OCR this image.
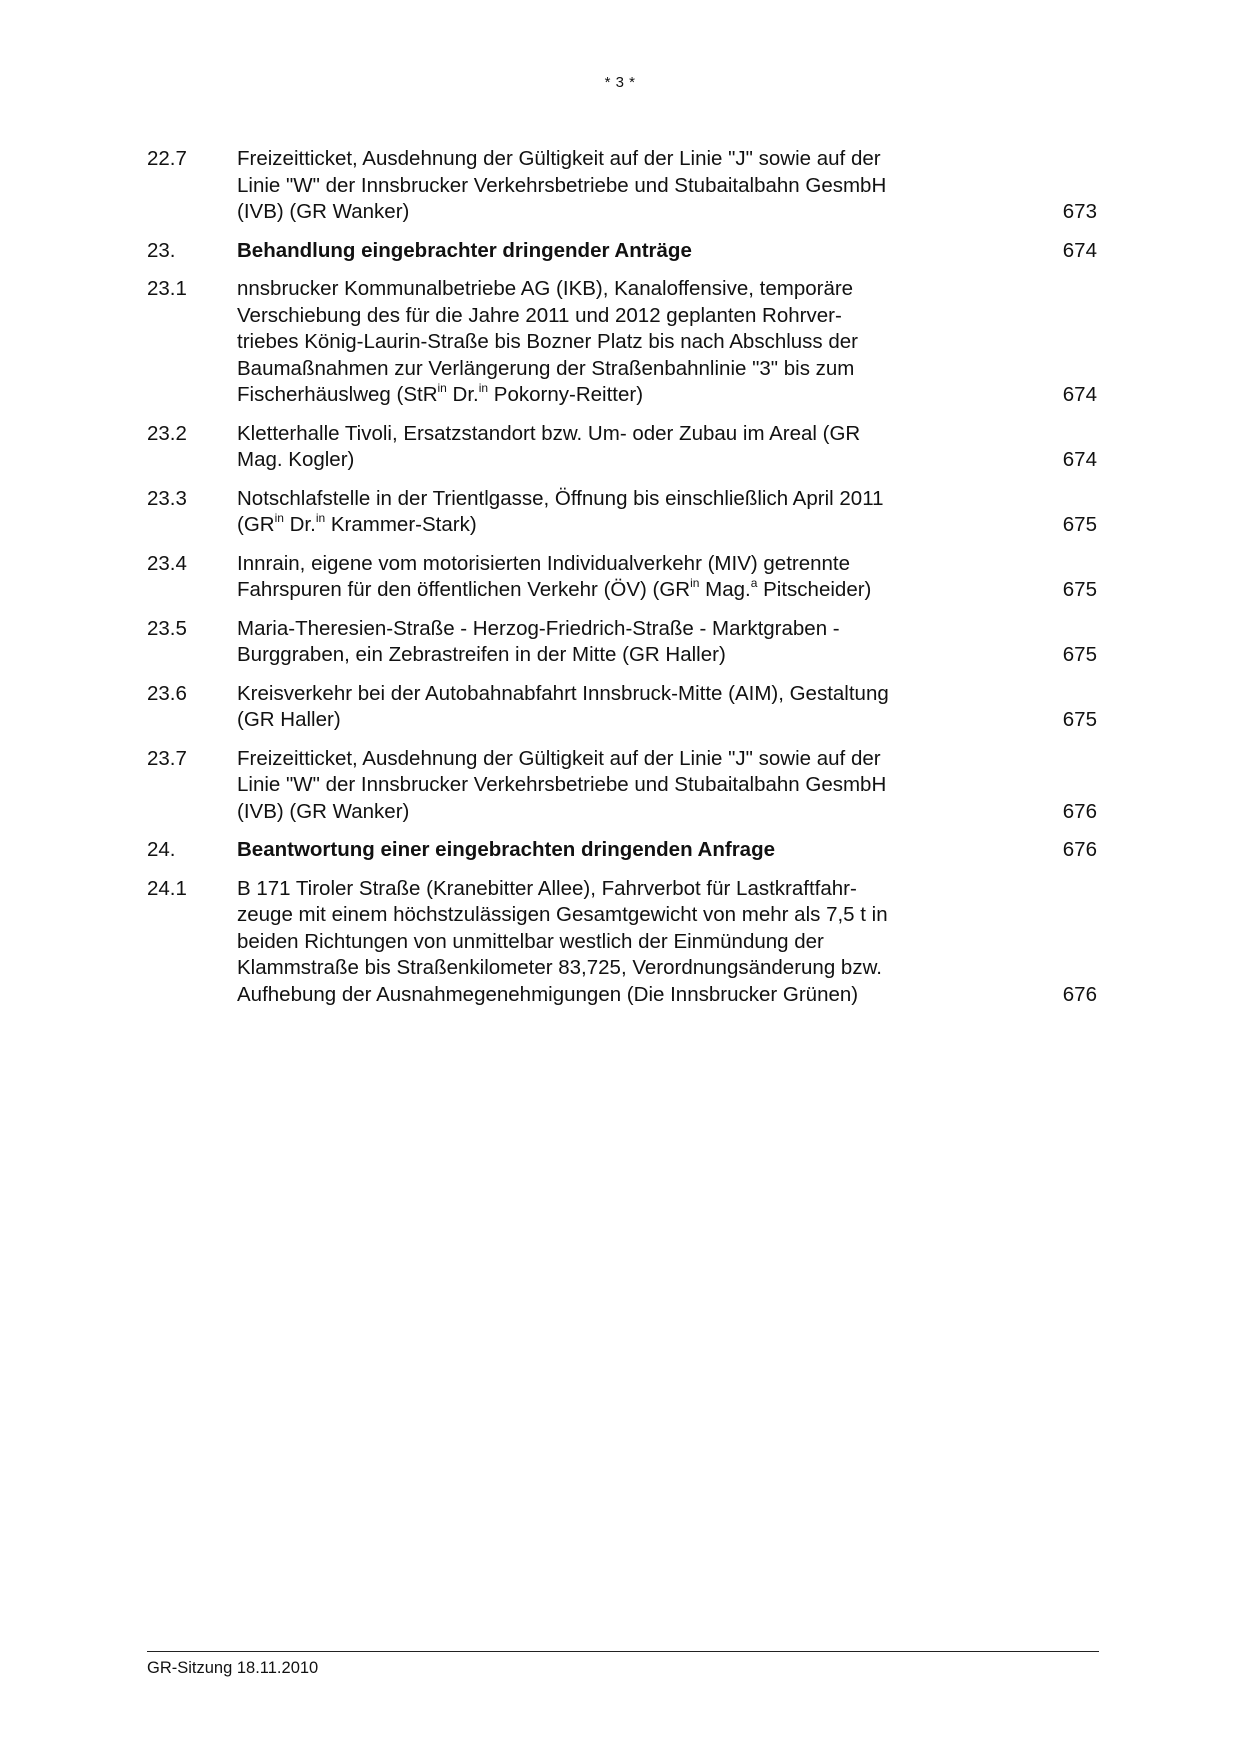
* 3 *
22.7	Freizeitticket, Ausdehnung der Gültigkeit auf der Linie "J" sowie auf der
Linie "W" der Innsbrucker Verkehrsbetriebe und Stubaitalbahn GesmbH
(IVB) (GR Wanker)	673
23.	Behandlung eingebrachter dringender Anträge	674
23.1	nnsbrucker Kommunalbetriebe AG (IKB), Kanaloffensive, temporäre
Verschiebung des für die Jahre 2011 und 2012 geplanten Rohrver-
triebes König-Laurin-Straße bis Bozner Platz bis nach Abschluss der
Baumaßnahmen zur Verlängerung der Straßenbahnlinie "3" bis zum
Fischerhäuslweg (StR$^{in}$ Dr.$^{in}$ Pokorny-Reitter)	674
23.2	Kletterhalle Tivoli, Ersatzstandort bzw. Um- oder Zubau im Areal (GR
Mag. Kogler)	674
23.3	Notschlafstelle in der Trientlgasse, Öffnung bis einschließlich April 2011
($GR^{in}$ Dr.$^{in}$ Krammer-Stark)	675
23.4	Innrain, eigene vom motorisierten Individualverkehr (MIV) getrennte
Fahrspuren für den öffentlichen Verkehr (ÖV) ($GR^{in}$ Mag.$^a$ Pitscheider)	675
23.5	Maria-Theresien-Straße - Herzog-Friedrich-Straße - Marktgraben -
Burggraben, ein Zebrastreifen in der Mitte (GR Haller)	675
23.6	Kreisverkehr bei der Autobahnabfahrt Innsbruck-Mitte (AIM), Gestaltung
(GR Haller)	675
23.7	Freizeitticket, Ausdehnung der Gültigkeit auf der Linie "J" sowie auf der
Linie "W" der Innsbrucker Verkehrsbetriebe und Stubaitalbahn GesmbH
(IVB) (GR Wanker)	676
24.	Beantwortung einer eingebrachten dringenden Anfrage	676
24.1	B 171 Tiroler Straße (Kranebitter Allee), Fahrverbot für Lastkraftfahr-
zeuge mit einem höchstzulässigen Gesamtgewicht von mehr als 7,5 t in
beiden Richtungen von unmittelbar westlich der Einmündung der
Klammstraße bis Straßenkilometer 83,725, Verordnungsänderung bzw.
Aufhebung der Ausnahmegenehmigungen (Die Innsbrucker Grünen)	676
GR-Sitzung 18.11.2010
